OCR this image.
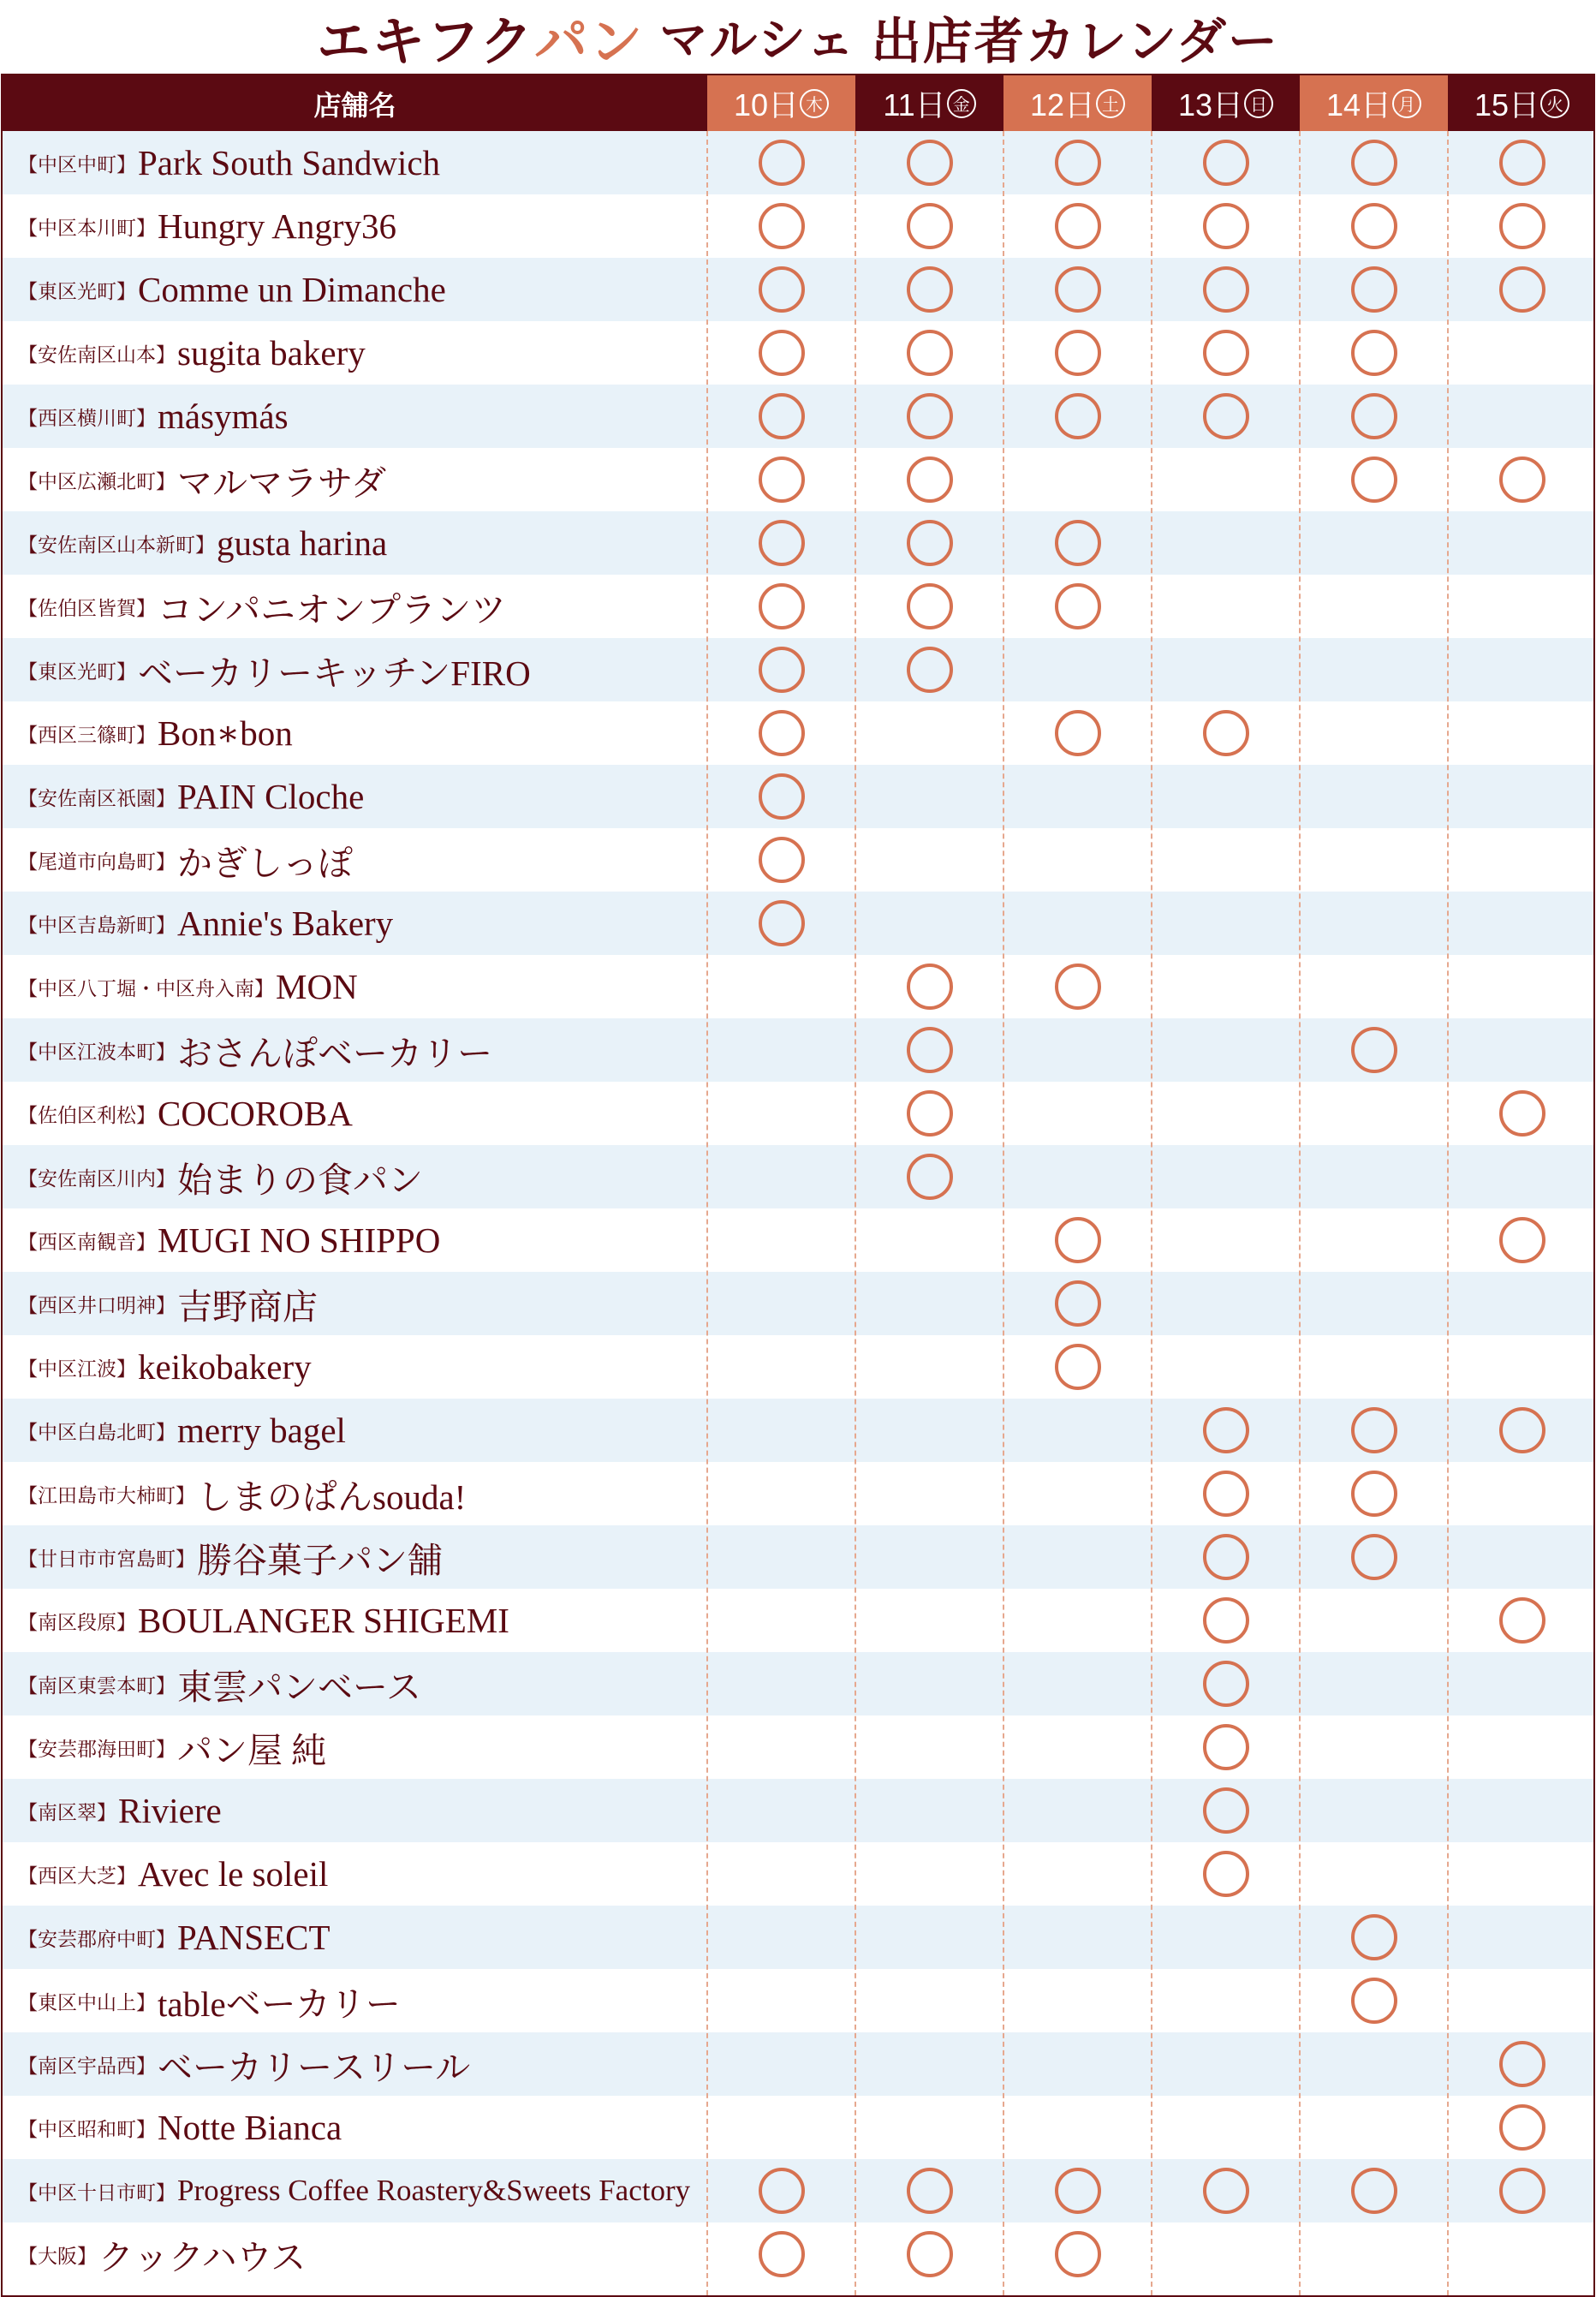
エキフク パン マルシェ 出店者カレンダー
店舗名	10日 木 11日 金 12日 土 13日 日 14日 月 15日 火
【中区中町】 Park South Sandwich
【中区本川町】 Hungry Angry36
【東区光町】 Comme un Dimanche
【安佐南区山本】 sugita bakery
【西区横川町】 másymás
【中区広瀬北町】 マルマラサダ
【安佐南区山本新町】 gusta harina
【佐伯区皆賀】 コンパニオンプランツ
【東区光町】 ベーカリーキッチンFIRO
【西区三篠町】 Bon∗bon
【安佐南区祇園】 PAIN Cloche
【尾道市向島町】 かぎしっぽ
【中区吉島新町】 Annie's Bakery
【中区八丁堀・中区舟入南】 MON
【中区江波本町】 おさんぽベーカリー
【佐伯区利松】 COCOROBA
【安佐南区川内】 始まりの食パン
【西区南観音】 MUGI NO SHIPPO
【西区井口明神】 吉野商店
【中区江波】 keikobakery
【中区白島北町】 merry bagel
【江田島市大柿町】 しまのぱんsouda!
【廿日市市宮島町】 勝谷菓子パン舗
【南区段原】 BOULANGER SHIGEMI
【南区東雲本町】 東雲パンベース
【安芸郡海田町】 パン屋 純
【南区翠】 Riviere
【西区大芝】 Avec le soleil
【安芸郡府中町】 PANSECT
【東区中山上】 tableベーカリー
【南区宇品西】 ベーカリースリール
【中区昭和町】 Notte Bianca
【中区十日市町】 Progress Coffee Roastery&Sweets Factory
【大阪】 クックハウス
